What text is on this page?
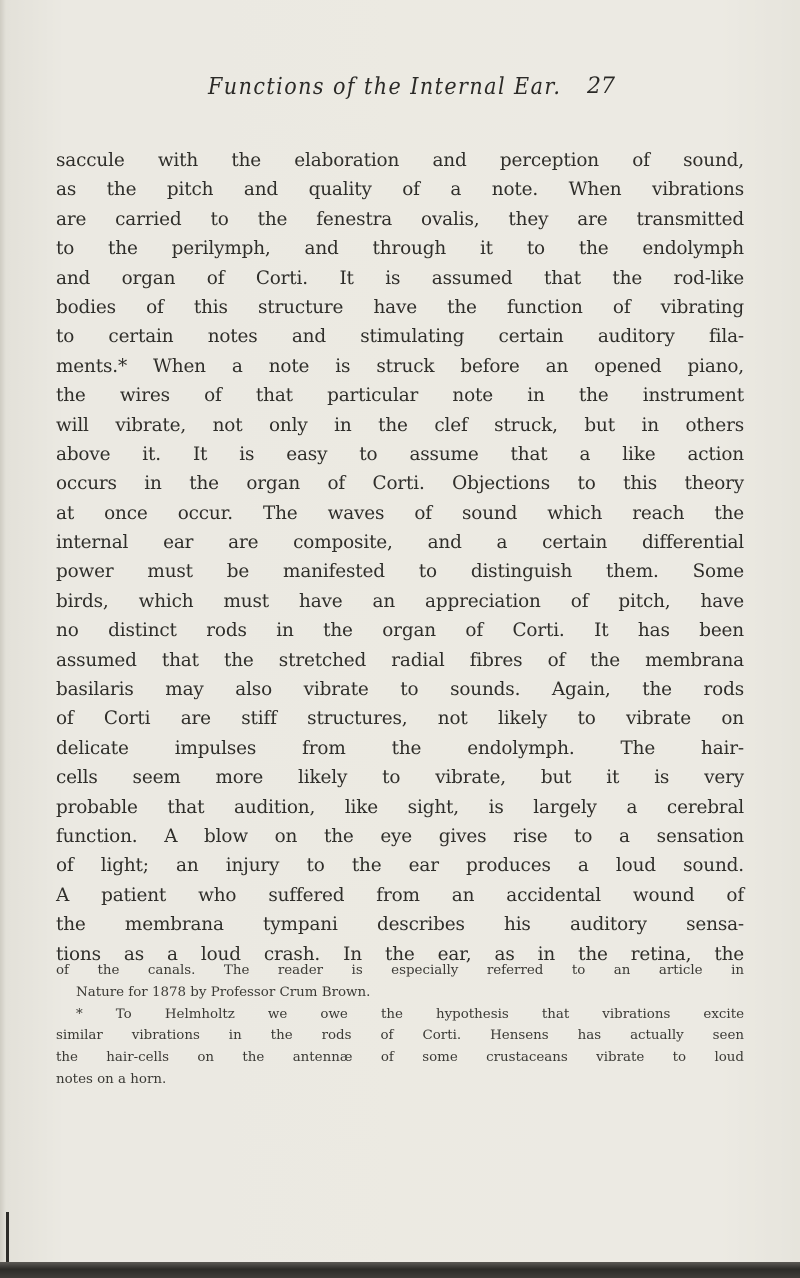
Functions of the Internal Ear. 27
saccule with the elaboration and perception of sound,
as the pitch and quality of a note. When vibrations
are carried to the fenestra ovalis, they are transmitted
to the perilymph, and through it to the endolymph
and organ of Corti. It is assumed that the rod-like
bodies of this structure have the function of vibrating
to certain notes and stimulating certain auditory fila-
ments.* When a note is struck before an opened piano,
the wires of that particular note in the instrument
will vibrate, not only in the clef struck, but in others
above it. It is easy to assume that a like action
occurs in the organ of Corti. Objections to this theory
at once occur. The waves of sound which reach the
internal ear are composite, and a certain differential
power must be manifested to distinguish them. Some
birds, which must have an appreciation of pitch, have
no distinct rods in the organ of Corti. It has been
assumed that the stretched radial fibres of the membrana
basilaris may also vibrate to sounds. Again, the rods
of Corti are stiff structures, not likely to vibrate on
delicate impulses from the endolymph. The hair-
cells seem more likely to vibrate, but it is very
probable that audition, like sight, is largely a cerebral
function. A blow on the eye gives rise to a sensation
of light; an injury to the ear produces a loud sound.
A patient who suffered from an accidental wound of
the membrana tympani describes his auditory sensa-
tions as a loud crash. In the ear, as in the retina, the
of the canals. The reader is especially referred to an article in
Nature for 1878 by Professor Crum Brown.
* To Helmholtz we owe the hypothesis that vibrations excite
similar vibrations in the rods of Corti. Hensens has actually seen
the hair-cells on the antennæ of some crustaceans vibrate to loud
notes on a horn.
